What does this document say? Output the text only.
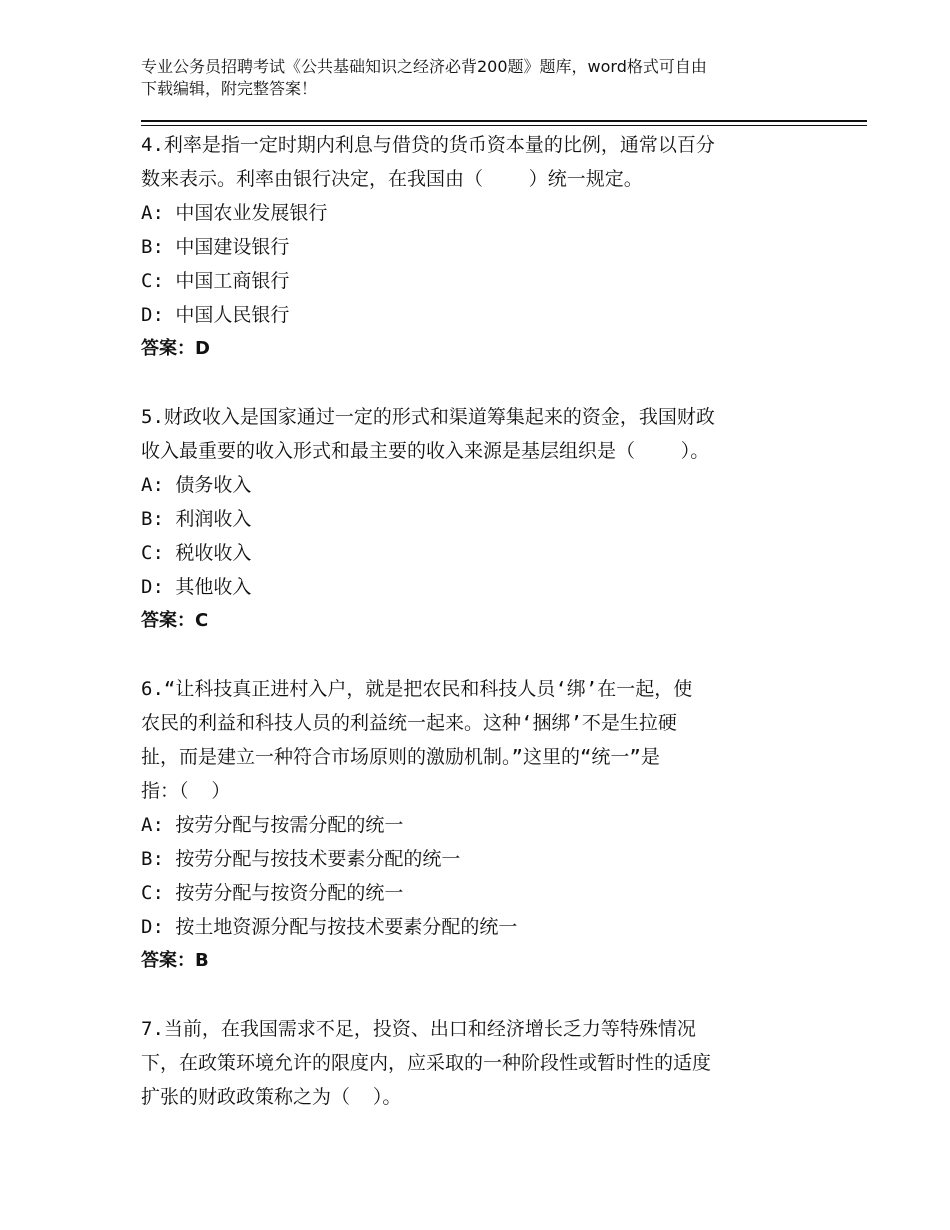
专业公务员招聘考试《公共基础知识之经济必背200题》题库，word格式可自由
下载编辑，附完整答案！

4.利率是指一定时期内利息与借贷的货币资本量的比例，通常以百分

数来表示。利率由银行决定，在我国由（    ）统一规定。

A: 中国农业发展银行

B: 中国建设银行

C: 中国工商银行

D: 中国人民银行

答案：D

5.财政收入是国家通过一定的形式和渠道筹集起来的资金，我国财政

收入最重要的收入形式和最主要的收入来源是基层组织是（    ）。

A: 债务收入

B: 利润收入

C: 税收收入

D: 其他收入

答案：C

6.“让科技真正进村入户，就是把农民和科技人员‘绑’在一起，使

农民的利益和科技人员的利益统一起来。这种‘捆绑’不是生拉硬

扯，而是建立一种符合市场原则的激励机制。”这里的“统一”是

指：（  ）

A: 按劳分配与按需分配的统一

B: 按劳分配与按技术要素分配的统一

C: 按劳分配与按资分配的统一

D: 按土地资源分配与按技术要素分配的统一

答案：B

7.当前，在我国需求不足，投资、出口和经济增长乏力等特殊情况

下，在政策环境允许的限度内，应采取的一种阶段性或暂时性的适度

扩张的财政政策称之为（  ）。
